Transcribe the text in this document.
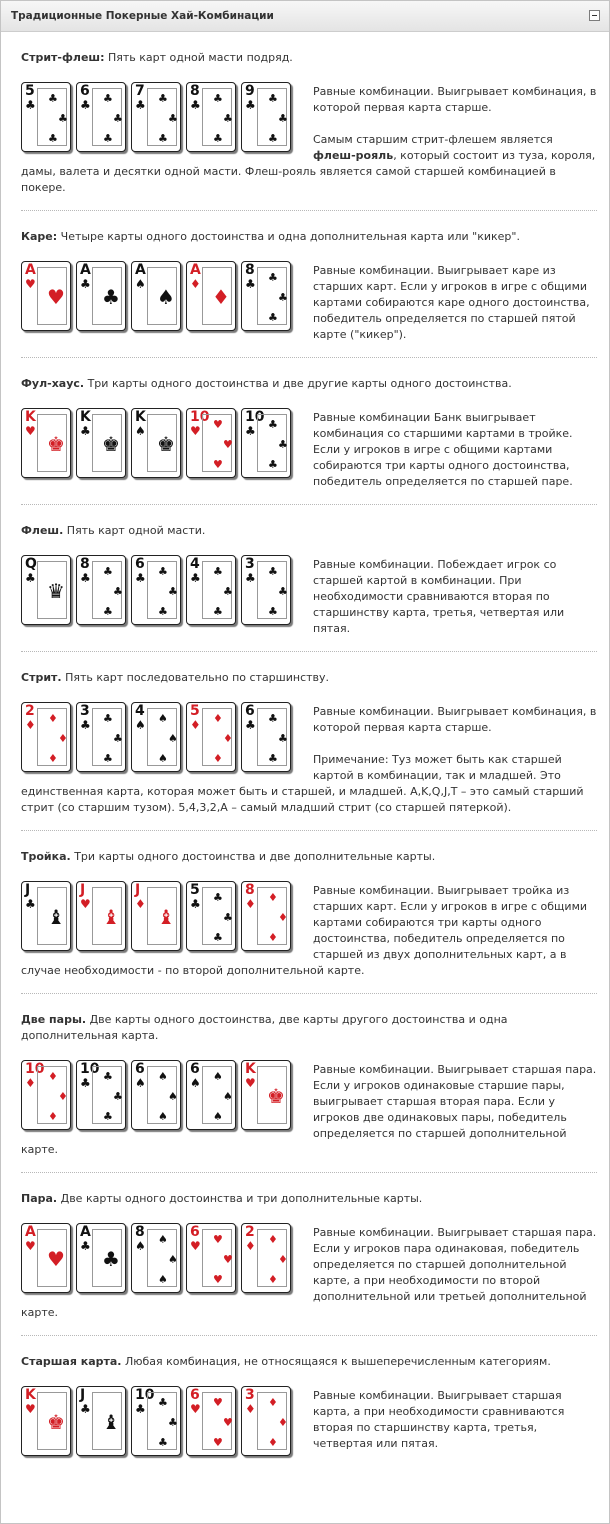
Традиционные Покерные Хай-Комбинации
Стрит-флеш: Пять карт одной масти подряд.
5
♣ ♣
♣
♣
6
♣ ♣
♣
♣
7
♣ ♣
♣
♣
8
♣ ♣
♣
♣
9
♣ ♣
♣
♣

Равные комбинации. Выигрывает комбинация, в которой первая карта старше.

Самым старшим стрит-флешем является флеш-рояль, который состоит из туза, короля, дамы, валета и десятки одной масти. Флеш-рояль является самой старшей комбинацией в покере.

Каре: Четыре карты одного достоинства и одна дополнительная карта или "кикер".
A
♥
♥
A
♣
♣
A
♠
♠
A
♦
♦
8
♣ ♣
♣
♣

Равные комбинации. Выигрывает каре из старших карт. Если у игроков в игре с общими картами собираются каре одного достоинства, победитель определяется по старшей пятой карте ("кикер").

Фул-хаус. Три карты одного достоинства и две другие карты одного достоинства.
K
♥
♚
K
♣
♚
K
♠
♚
10
♥ ♥
♥
♥
10
♣ ♣
♣
♣

Равные комбинации Банк выигрывает комбинация со старшими картами в тройке. Если у игроков в игре с общими картами собираются три карты одного достоинства, победитель определяется по старшей паре.

Флеш. Пять карт одной масти.
Q
♣
♛
8
♣ ♣
♣
♣
6
♣ ♣
♣
♣
4
♣ ♣
♣
♣
3
♣ ♣
♣
♣

Равные комбинации. Побеждает игрок со старшей картой в комбинации. При необходимости сравниваются вторая по старшинству карта, третья, четвертая или пятая.

Стрит. Пять карт последовательно по старшинству.
2
♦ ♦
♦
♦
3
♣ ♣
♣
♣
4
♠ ♠
♠
♠
5
♦ ♦
♦
♦
6
♣ ♣
♣
♣

Равные комбинации. Выигрывает комбинация, в которой первая карта старше.

Примечание: Туз может быть как старшей картой в комбинации, так и младшей. Это единственная карта, которая может быть и старшей, и младшей. A,K,Q,J,T – это самый старший стрит (со старшим тузом). 5,4,3,2,A – самый младший стрит (со старшей пятеркой).

Тройка. Три карты одного достоинства и две дополнительные карты.
J
♣
♝
J
♥
♝
J
♦
♝
5
♣ ♣
♣
♣
8
♦ ♦
♦
♦

Равные комбинации. Выигрывает тройка из старших карт. Если у игроков в игре с общими картами собираются три карты одного достоинства, победитель определяется по старшей из двух дополнительных карт, а в случае необходимости - по второй дополнительной карте.

Две пары. Две карты одного достоинства, две карты другого достоинства и одна дополнительная карта.
10
♦ ♦
♦
♦
10
♣ ♣
♣
♣
6
♠ ♠
♠
♠
6
♠ ♠
♠
♠
K
♥
♚

Равные комбинации. Выигрывает старшая пара. Если у игроков одинаковые старшие пары, выигрывает старшая вторая пара. Если у игроков две одинаковых пары, победитель определяется по старшей дополнительной карте.

Пара. Две карты одного достоинства и три дополнительные карты.
A
♥
♥
A
♣
♣
8
♠ ♠
♠
♠
6
♥ ♥
♥
♥
2
♦ ♦
♦
♦

Равные комбинации. Выигрывает старшая пара. Если у игроков пара одинаковая, победитель определяется по старшей дополнительной карте, а при необходимости по второй дополнительной или третьей дополнительной карте.

Старшая карта. Любая комбинация, не относящаяся к вышеперечисленным категориям.
K
♥
♚
J
♣
♝
10
♣ ♣
♣
♣
6
♥ ♥
♥
♥
3
♦ ♦
♦
♦

Равные комбинации. Выигрывает старшая карта, а при необходимости сравниваются вторая по старшинству карта, третья, четвертая или пятая.
